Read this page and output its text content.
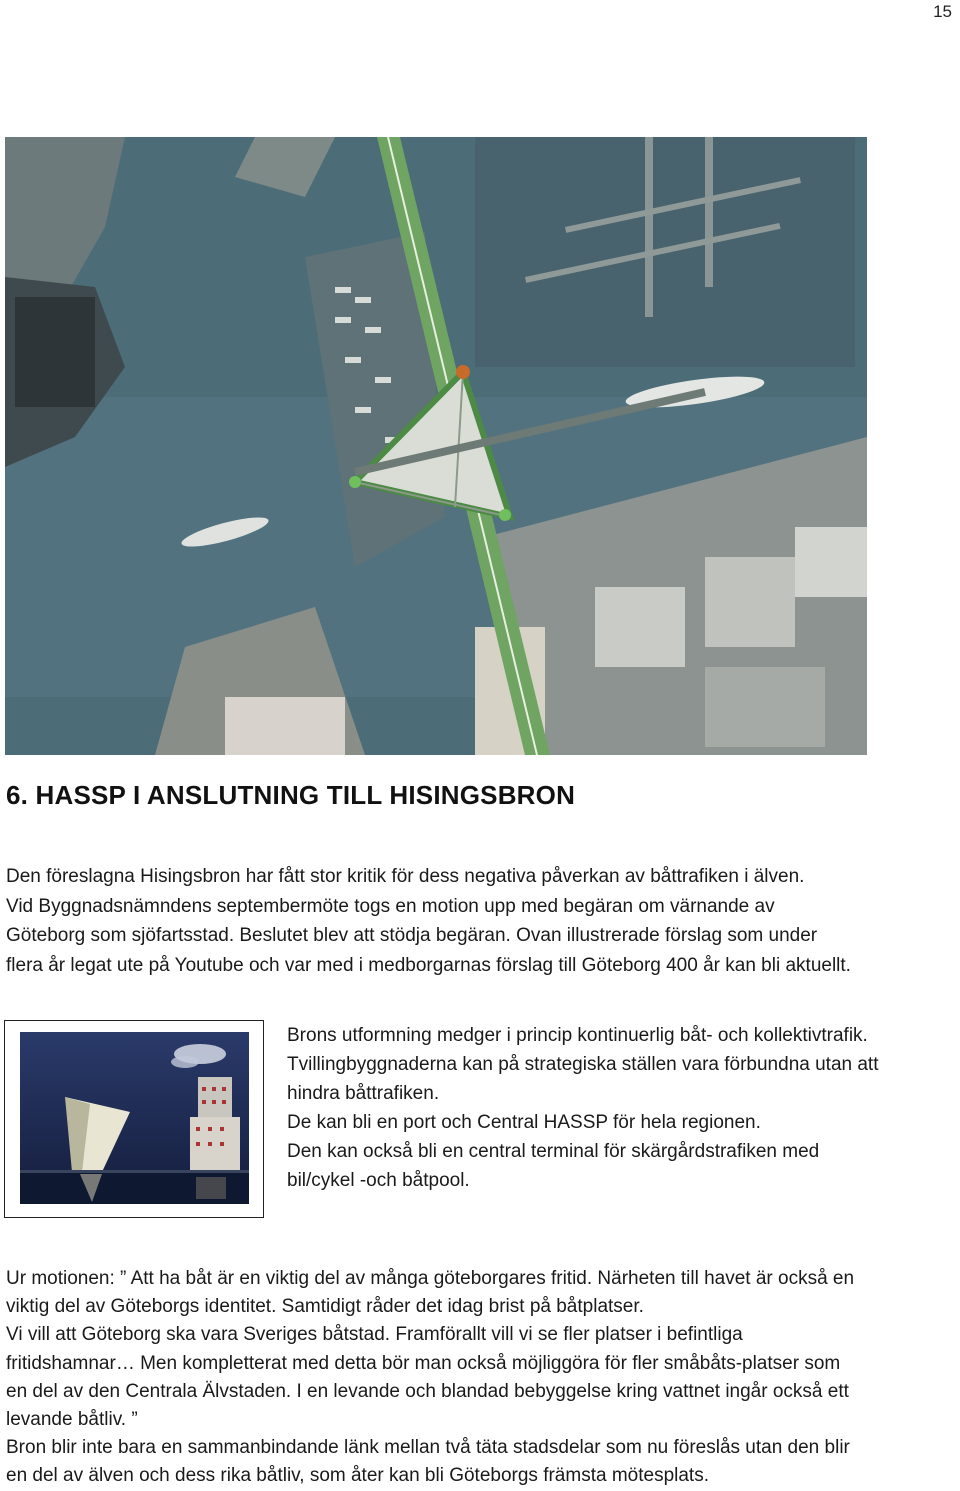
15
6. HASSP I ANSLUTNING TILL HISINGSBRON
Den föreslagna Hisingsbron har fått stor kritik för dess negativa påverkan av båttrafiken i älven.
Vid Byggnadsnämndens septembermöte togs en motion upp med begäran om värnande av
Göteborg som sjöfartsstad. Beslutet blev att stödja begäran. Ovan illustrerade förslag som under
flera år legat ute på Youtube och var med i medborgarnas förslag till Göteborg 400 år kan bli aktuellt.
Brons utformning medger i princip kontinuerlig båt- och kollektivtrafik.
Tvillingbyggnaderna kan på strategiska ställen vara förbundna utan att
hindra båttrafiken.
De kan bli en port och Central HASSP för hela regionen.
Den kan också bli en central terminal för skärgårdstrafiken med
bil/cykel -och båtpool.
Ur motionen: ” Att ha båt är en viktig del av många göteborgares fritid. Närheten till havet är också en
viktig del av Göteborgs identitet. Samtidigt råder det idag brist på båtplatser.
Vi vill att Göteborg ska vara Sveriges båtstad. Framförallt vill vi se fler platser i befintliga
fritidshamnar… Men kompletterat med detta bör man också möjliggöra för fler småbåts-platser som
en del av den Centrala Älvstaden. I en levande och blandad bebyggelse kring vattnet ingår också ett
levande båtliv. ”
Bron blir inte bara en sammanbindande länk mellan två täta stadsdelar som nu föreslås utan den blir
en del av älven och dess rika båtliv, som åter kan bli Göteborgs främsta mötesplats.
